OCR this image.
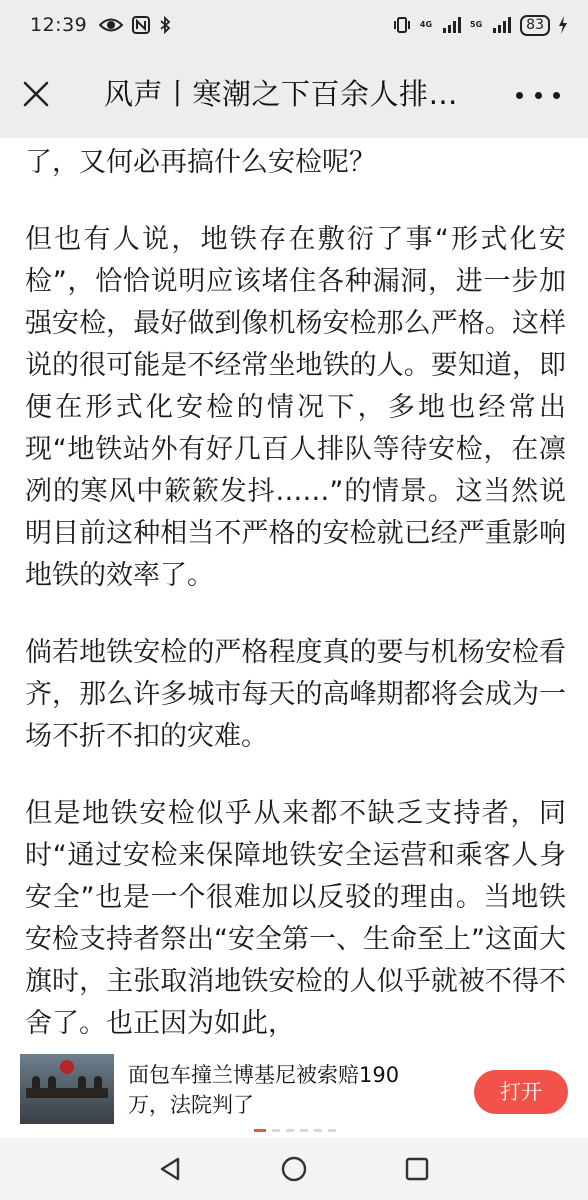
12:39	4G	5G	83
风声丨寒潮之下百余人排…

了，又何必再搞什么安检呢？

但也有人说，地铁存在敷衍了事“形式化安检”，恰恰说明应该堵住各种漏洞，进一步加强安检，最好做到像机杨安检那么严格。这样说的很可能是不经常坐地铁的人。要知道，即便在形式化安检的情况下，多地也经常出现“地铁站外有好几百人排队等待安检，在凛冽的寒风中簌簌发抖……”的情景。这当然说明目前这种相当不严格的安检就已经严重影响地铁的效率了。

倘若地铁安检的严格程度真的要与机杨安检看齐，那么许多城市每天的高峰期都将会成为一场不折不扣的灾难。

但是地铁安检似乎从来都不缺乏支持者，同时“通过安检来保障地铁安全运营和乘客人身安全”也是一个很难加以反驳的理由。当地铁安检支持者祭出“安全第一、生命至上”这面大旗时，主张取消地铁安检的人似乎就被不得不舍了。也正因为如此，

面包车撞兰博基尼被索赔190万，法院判了
打开
